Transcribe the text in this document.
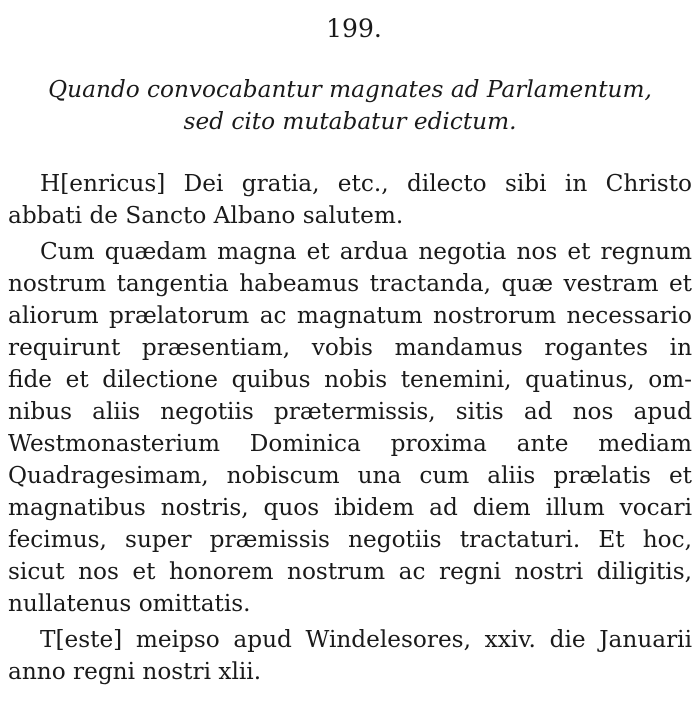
199.
Quando convocabantur magnates ad Parlamentum,
sed cito mutabatur edictum.
H[enricus] Dei gratia, etc., dilecto sibi in Christo
abbati de Sancto Albano salutem.
Cum quædam magna et ardua negotia nos et regnum
nostrum tangentia habeamus tractanda, quæ vestram et
aliorum prælatorum ac magnatum nostrorum necessario
requirunt præsentiam, vobis mandamus rogantes in
fide et dilectione quibus nobis tenemini, quatinus, om-
nibus aliis negotiis prætermissis, sitis ad nos apud
Westmonasterium Dominica proxima ante mediam
Quadragesimam, nobiscum una cum aliis prælatis et
magnatibus nostris, quos ibidem ad diem illum vocari
fecimus, super præmissis negotiis tractaturi. Et hoc,
sicut nos et honorem nostrum ac regni nostri diligitis,
nullatenus omittatis.
T[este] meipso apud Windelesores, xxiv. die Januarii
anno regni nostri xlii.
